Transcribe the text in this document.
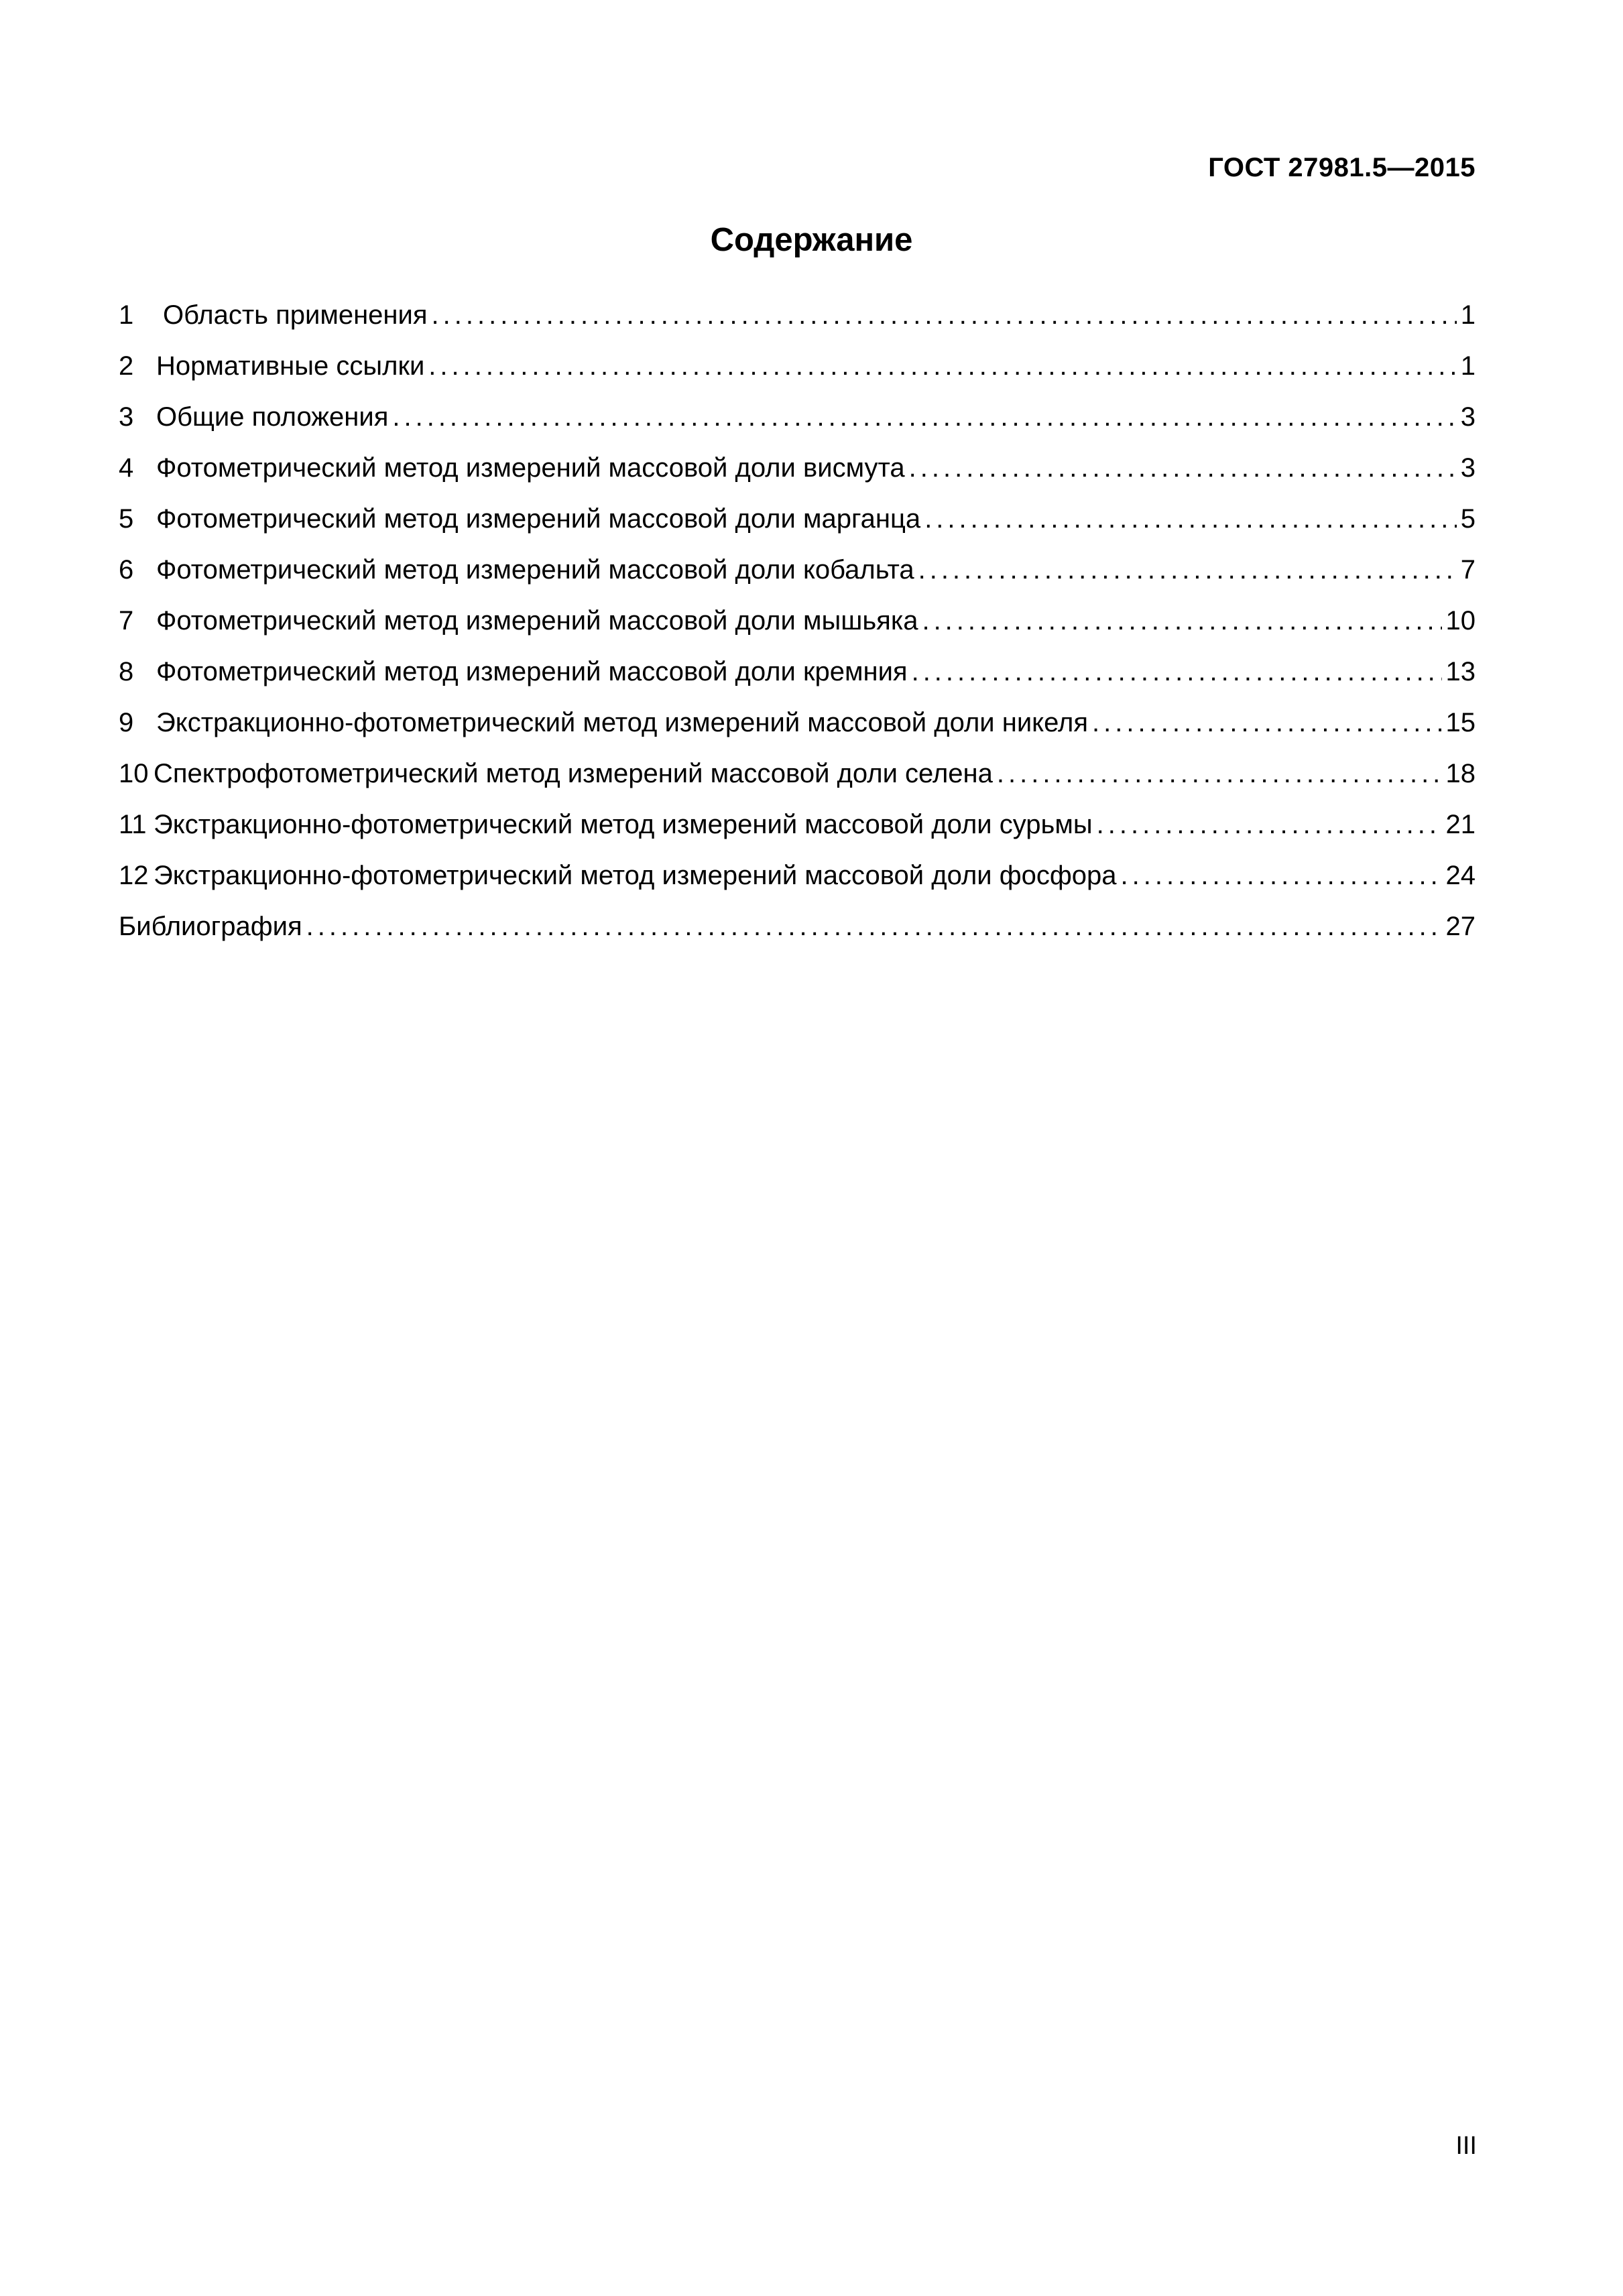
ГОСТ 27981.5—2015
Содержание
1	Область применения .....	1
2 Нормативные ссылки .....	1
3 Общие положения .....	3
4 Фотометрический метод измерений массовой доли висмута .....	3
5 Фотометрический метод измерений массовой доли марганца .....	5
6 Фотометрический метод измерений массовой доли кобальта .....	7
7 Фотометрический метод измерений массовой доли мышьяка .....	10
8 Фотометрический метод измерений массовой доли кремния .....	13
9 Экстракционно-фотометрический метод измерений массовой доли никеля .....	15
10 Спектрофотометрический метод измерений массовой доли селена .....	18
11 Экстракционно-фотометрический метод измерений массовой доли сурьмы .....	21
12 Экстракционно-фотометрический метод измерений массовой доли фосфора .....	24
Библиография .....	27
III
